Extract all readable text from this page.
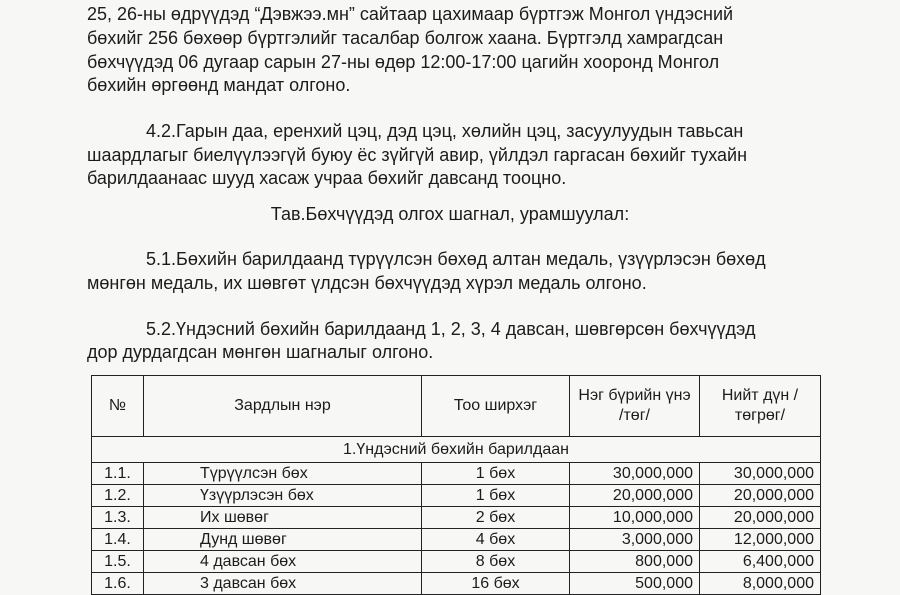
25, 26-ны өдрүүдэд “Дэвжээ.мн” сайтаар цахимаар бүртгэж Монгол үндэсний
бөхийг 256 бөхөөр бүртгэлийг тасалбар болгож хаана. Бүртгэлд хамрагдсан
бөхчүүдэд 06 дугаар сарын 27-ны өдөр 12:00-17:00 цагийн хооронд Монгол
бөхийн өргөөнд мандат олгоно.
4.2.Гарын даа, еренхий цэц, дэд цэц, хөлийн цэц, засуулуудын тавьсан
шаардлагыг биелүүлээгүй буюу ёс зүйгүй авир, үйлдэл гаргасан бөхийг тухайн
барилдаанаас шууд хасаж учраа бөхийг давсанд тооцно.
Тав.Бөхчүүдэд олгох шагнал, урамшуулал:
5.1.Бөхийн барилдаанд түрүүлсэн бөхөд алтан медаль, үзүүрлэсэн бөхөд
мөнгөн медаль, их шөвгөт үлдсэн бөхчүүдэд хүрэл медаль олгоно.
5.2.Үндэсний бөхийн барилдаанд 1, 2, 3, 4 давсан, шөвгөрсөн бөхчүүдэд
дор дурдагдсан мөнгөн шагналыг олгоно.
№	Зардлын нэр	Тоо ширхэг	Нэг бүрийн үнэ /төг/	Нийт дүн /төгрөг/
1.Үндэсний бөхийн барилдаан				
1.1.	Түрүүлсэн бөх	1 бөх	30,000,000	30,000,000
1.2.	Үзүүрлэсэн бөх	1 бөх	20,000,000	20,000,000
1.3.	Их шөвөг	2 бөх	10,000,000	20,000,000
1.4.	Дунд шөвөг	4 бөх	3,000,000	12,000,000
1.5.	4 давсан бөх	8 бөх	800,000	6,400,000
1.6.	3 давсан бөх	16 бөх	500,000	8,000,000
